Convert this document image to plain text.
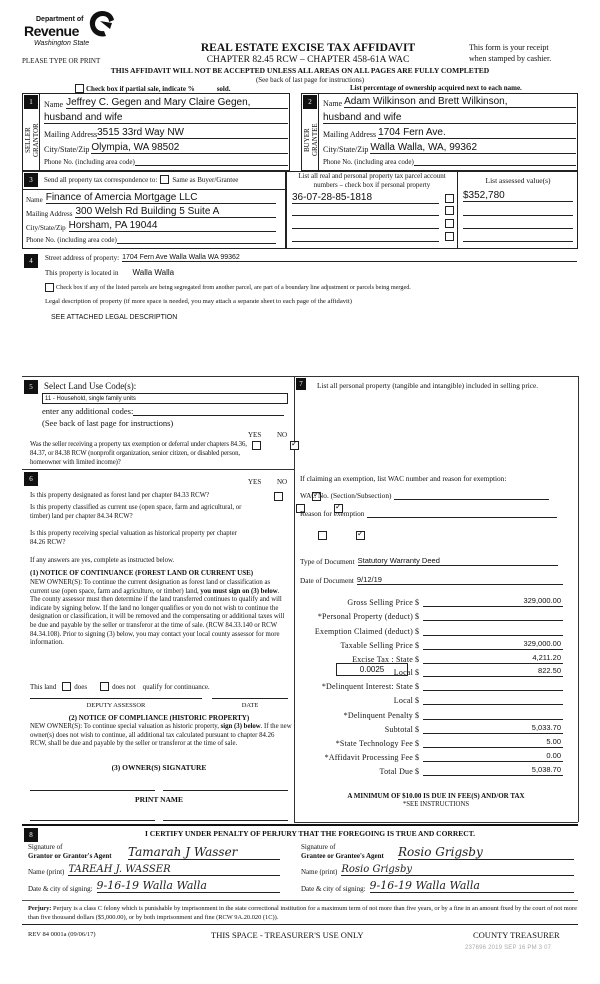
Department of
Revenue
Washington State
PLEASE TYPE OR PRINT
REAL ESTATE EXCISE TAX AFFIDAVIT
CHAPTER 82.45 RCW – CHAPTER 458-61A WAC
This form is your receipt
when stamped by cashier.
THIS AFFIDAVIT WILL NOT BE ACCEPTED UNLESS ALL AREAS ON ALL PAGES ARE FULLY COMPLETED
(See back of last page for instructions)
Check box if partial sale, indicate %	sold.	List percentage of ownership acquired next to each name.
1
SELLER GRANTOR
Name Jeffrey C. Gegen and Mary Claire Gegen,
husband and wife
Mailing Address 3515 33rd Way NW
City/State/Zip Olympia, WA 98502
Phone No. (including area code)
2
BUYER GRANTEE
Name Adam Wilkinson and Brett Wilkinson,
husband and wife
Mailing Address 1704 Fern Ave.
City/State/Zip Walla Walla, WA, 99362
Phone No. (including area code)
3	Send all property tax correspondence to: Same as Buyer/Grantee
Name Finance of Amercia Mortgage LLC
Mailing Address 300 Welsh Rd Building 5 Suite A
City/State/Zip Horsham, PA 19044
Phone No. (including area code)
List all real and personal property tax parcel account
numbers – check box if personal property	List assessed value(s)
36-07-28-85-1818	$352,780
4	Street address of property: 1704 Fern Ave Walla Walla WA 99362
This property is located in Walla Walla
Check box if any of the listed parcels are being segregated from another parcel, are part of a boundary line adjustment or parcels being merged.
Legal description of property (if more space is needed, you may attach a separate sheet to each page of the affidavit)
SEE ATTACHED LEGAL DESCRIPTION
5	Select Land Use Code(s):
11 - Household, single family units
enter any additional codes:
(See back of last page for instructions)
YES NO
Was the seller receiving a property tax exemption or deferral under chapters 84.36, 84.37, or 84.38 RCW (nonprofit organization, senior citizen, or disabled person, homeowner with limited income)?
✓
6	YES NO
Is this property designated as forest land per chapter 84.33 RCW?
✓
Is this property classified as current use (open space, farm and agricultural, or timber) land per chapter 84.34 RCW?
✓
Is this property receiving special valuation as historical property per chapter 84.26 RCW?
✓
If any answers are yes, complete as instructed below.
(1) NOTICE OF CONTINUANCE (FOREST LAND OR CURRENT USE)
NEW OWNER(S): To continue the current designation as forest land or classification as current use (open space, farm and agriculture, or timber) land, you must sign on (3) below. The county assessor must then determine if the land transferred continues to qualify and will indicate by signing below. If the land no longer qualifies or you do not wish to continue the designation or classification, it will be removed and the compensating or additional taxes will be due and payable by the seller or transferor at the time of sale. (RCW 84.33.140 or RCW 84.34.108). Prior to signing (3) below, you may contact your local county assessor for more information.
This land	does	does not qualify for continuance.
DEPUTY ASSESSOR	DATE
(2) NOTICE OF COMPLIANCE (HISTORIC PROPERTY)
NEW OWNER(S): To continue special valuation as historic property, sign (3) below. If the new owner(s) does not wish to continue, all additional tax calculated pursuant to chapter 84.26 RCW, shall be due and payable by the seller or transferor at the time of sale.
(3) OWNER(S) SIGNATURE
PRINT NAME
7	List all personal property (tangible and intangible) included in selling price.
If claiming an exemption, list WAC number and reason for exemption:
WAC No. (Section/Subsection)
Reason for exemption
Type of Document Statutory Warranty Deed
Date of Document 9/12/19
Gross Selling Price $	329,000.00
*Personal Property (deduct) $
Exemption Claimed (deduct) $
Taxable Selling Price $	329,000.00
Excise Tax : State $	4,211.20
0.0025	Local $	822.50
*Delinquent Interest: State $
Local $
*Delinquent Penalty $
Subtotal $	5,033.70
*State Technology Fee $	5.00
*Affidavit Processing Fee $	0.00
Total Due $	5,038.70
A MINIMUM OF $10.00 IS DUE IN FEE(S) AND/OR TAX
*SEE INSTRUCTIONS
8	I CERTIFY UNDER PENALTY OF PERJURY THAT THE FOREGOING IS TRUE AND CORRECT.
Signature of
Grantor or Grantor's Agent Tamarah J Wasser
Name (print) TAREAH J. WASSER
Date & city of signing: 9-16-19 Walla Walla
Signature of
Grantee or Grantee's Agent Rosio Grigsby
Name (print) Rosio Grigsby
Date & city of signing: 9-16-19 Walla Walla
Perjury: Perjury is a class C felony which is punishable by imprisonment in the state correctional institution for a maximum term of not more than five years, or by a fine in an amount fixed by the court of not more than five thousand dollars ($5,000.00), or by both imprisonment and fine (RCW 9A.20.020 (1C)).
REV 84 0001a (09/06/17)	THIS SPACE - TREASURER'S USE ONLY	COUNTY TREASURER
237696 2019 SEP 16 PM 3 07
